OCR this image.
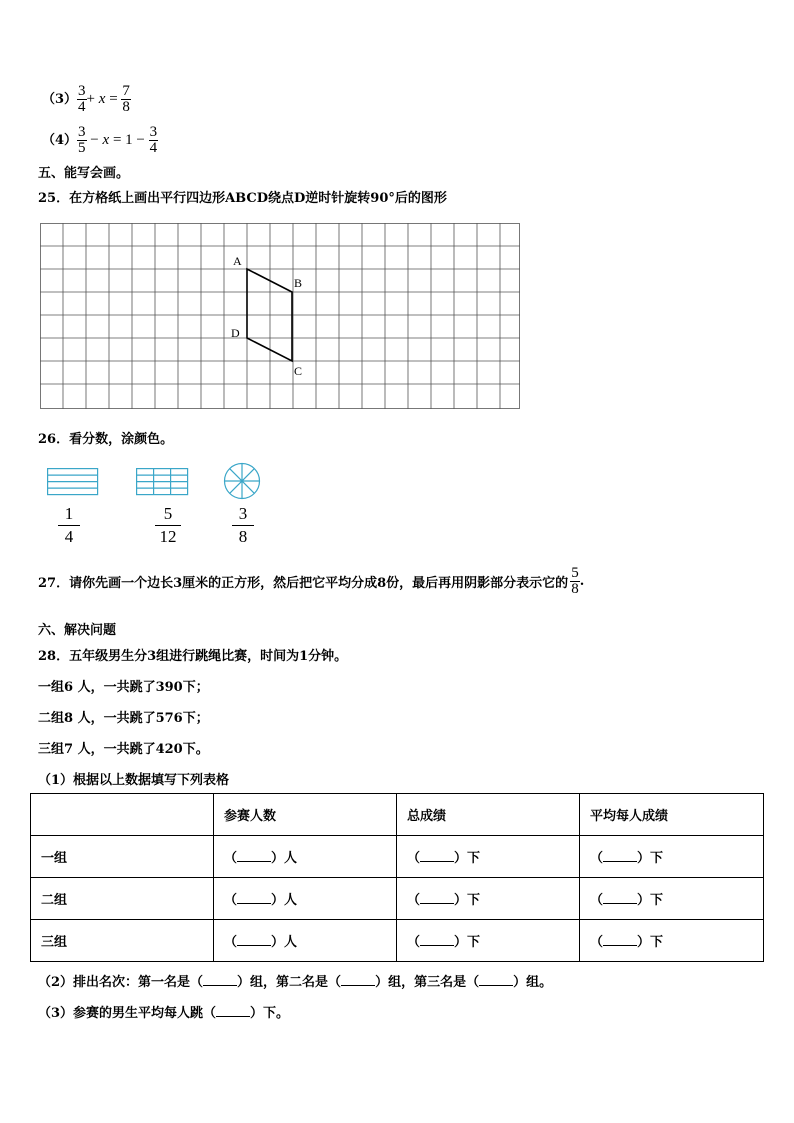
$(3) \frac{3}{4} + x = \frac{7}{8}$
$(4) \frac{3}{5} - x = 1 - \frac{3}{4}$
五、能写会画。
25．在方格纸上画出平行四边形ABCD绕点D逆时针旋转90°后的图形
A
B
D
C
26．看分数，涂颜色。
1
4
5
12
3
8
27．请你先画一个边长3厘米的正方形，然后把它平均分成8份，最后再用阴影部分表示它的 $\frac{5}{8}$ .
六、解决问题
28．五年级男生分3组进行跳绳比赛，时间为1分钟。
一组6 人，一共跳了390下；
二组8 人，一共跳了576下；
三组7 人，一共跳了420下。
（1）根据以上数据填写下列表格
	参赛人数	总成绩	平均每人成绩
一组	（ ）人	（ ）下	（ ）下
二组	（ ）人	（ ）下	（ ）下
三组	（ ）人	（ ）下	（ ）下
（2）排出名次：第一名是（	）组，第二名是（	）组，第三名是（	）组。
（3）参赛的男生平均每人跳（	）下。
